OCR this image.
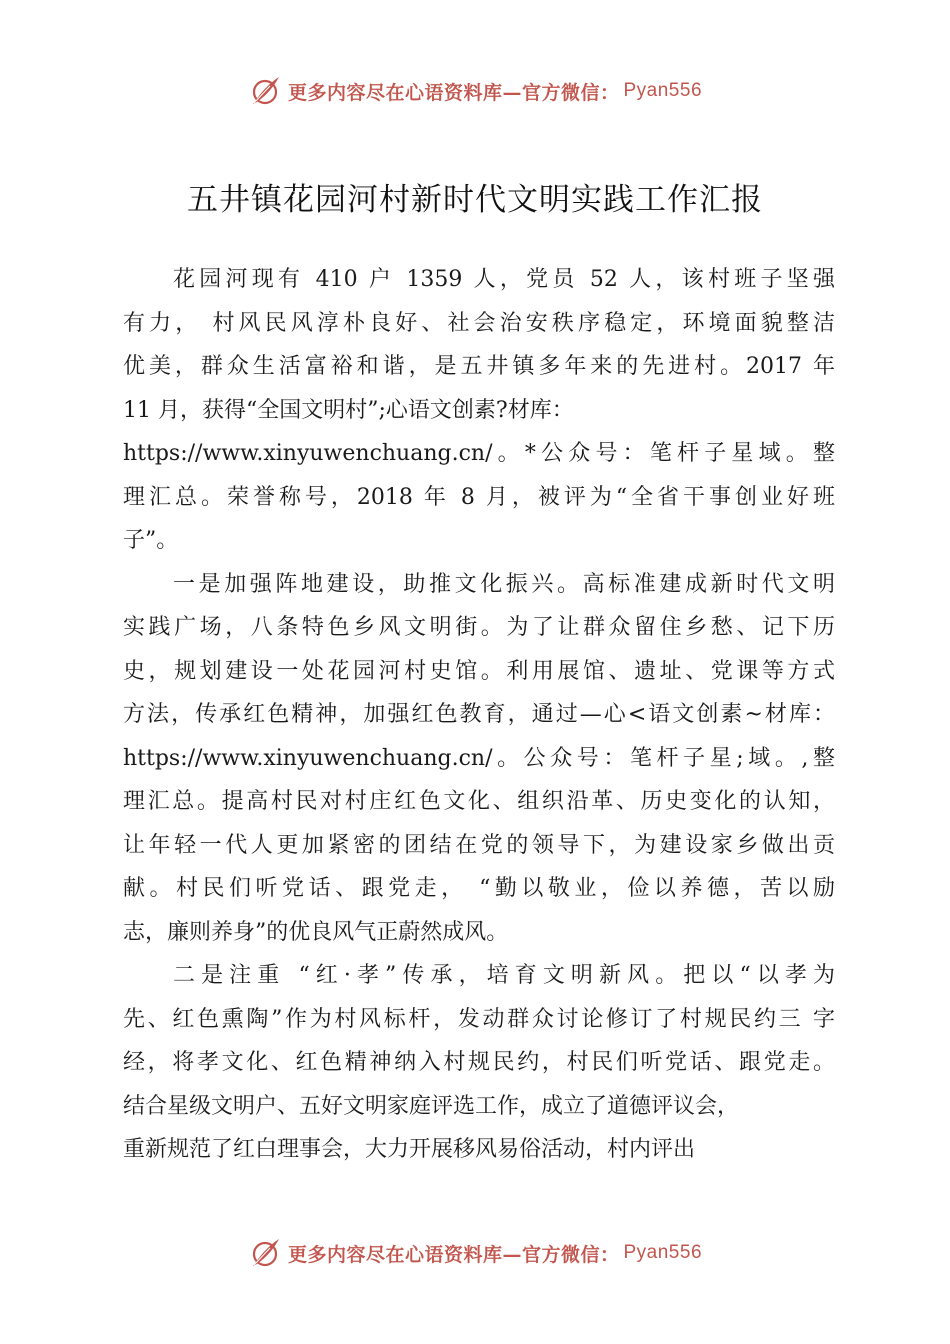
更多内容尽在心语资料库—官方微信： Pyan556
五井镇花园河村新时代文明实践工作汇报
花园河现有 410 户 1359 人，党员 52 人，该村班子坚强
有力， 村风民风淳朴良好、社会治安秩序稳定，环境面貌整洁
优美，群众生活富裕和谐，是五井镇多年来的先进村。2017 年
11 月，获得“全国文明村”;心语文创素?材库：
https://www.xinyuwenchuang.cn/。*公众号：笔杆子星域。整
理汇总。荣誉称号，2018 年 8 月，被评为“全省干事创业好班
子”。
一是加强阵地建设，助推文化振兴。高标准建成新时代文明
实践广场，八条特色乡风文明街。为了让群众留住乡愁、记下历
史，规划建设一处花园河村史馆。利用展馆、遗址、党课等方式
方法，传承红色精神，加强红色教育，通过—心<语文创素~材库：
https://www.xinyuwenchuang.cn/。公众号：笔杆子星;域。,整
理汇总。提高村民对村庄红色文化、组织沿革、历史变化的认知，
让年轻一代人更加紧密的团结在党的领导下，为建设家乡做出贡
献。村民们听党话、跟党走， “勤以敬业，俭以养德，苦以励
志，廉则养身”的优良风气正蔚然成风。
二是注重 “红·孝”传承，培育文明新风。把以“以孝为
先、红色熏陶”作为村风标杆，发动群众讨论修订了村规民约三 字
经，将孝文化、红色精神纳入村规民约，村民们听党话、跟党走。
结合星级文明户、五好文明家庭评选工作，成立了道德评议会，
重新规范了红白理事会，大力开展移风易俗活动，村内评出
更多内容尽在心语资料库—官方微信： Pyan556
